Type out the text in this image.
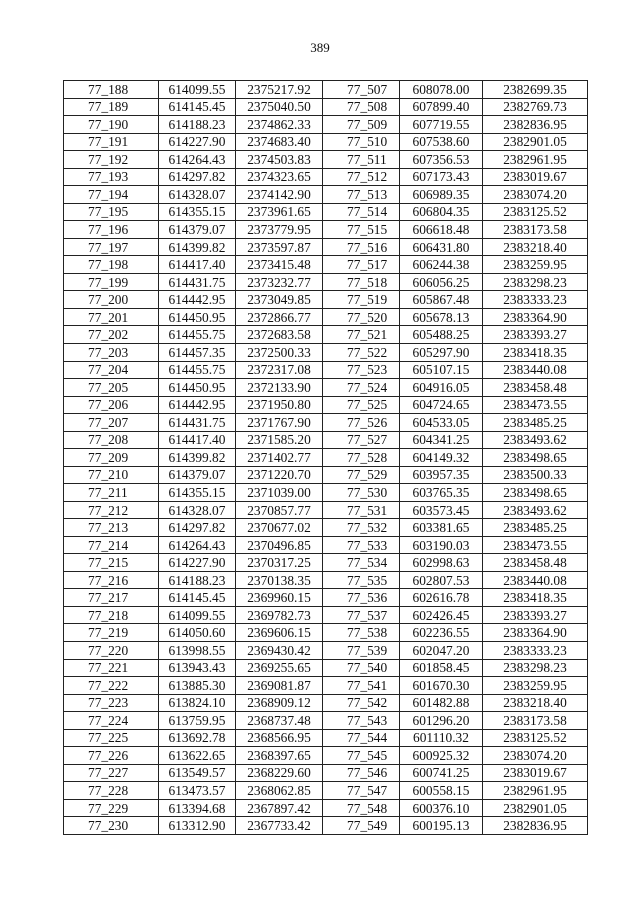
389
77_188	614099.55	2375217.92	77_507	608078.00	2382699.35
77_189	614145.45	2375040.50	77_508	607899.40	2382769.73
77_190	614188.23	2374862.33	77_509	607719.55	2382836.95
77_191	614227.90	2374683.40	77_510	607538.60	2382901.05
77_192	614264.43	2374503.83	77_511	607356.53	2382961.95
77_193	614297.82	2374323.65	77_512	607173.43	2383019.67
77_194	614328.07	2374142.90	77_513	606989.35	2383074.20
77_195	614355.15	2373961.65	77_514	606804.35	2383125.52
77_196	614379.07	2373779.95	77_515	606618.48	2383173.58
77_197	614399.82	2373597.87	77_516	606431.80	2383218.40
77_198	614417.40	2373415.48	77_517	606244.38	2383259.95
77_199	614431.75	2373232.77	77_518	606056.25	2383298.23
77_200	614442.95	2373049.85	77_519	605867.48	2383333.23
77_201	614450.95	2372866.77	77_520	605678.13	2383364.90
77_202	614455.75	2372683.58	77_521	605488.25	2383393.27
77_203	614457.35	2372500.33	77_522	605297.90	2383418.35
77_204	614455.75	2372317.08	77_523	605107.15	2383440.08
77_205	614450.95	2372133.90	77_524	604916.05	2383458.48
77_206	614442.95	2371950.80	77_525	604724.65	2383473.55
77_207	614431.75	2371767.90	77_526	604533.05	2383485.25
77_208	614417.40	2371585.20	77_527	604341.25	2383493.62
77_209	614399.82	2371402.77	77_528	604149.32	2383498.65
77_210	614379.07	2371220.70	77_529	603957.35	2383500.33
77_211	614355.15	2371039.00	77_530	603765.35	2383498.65
77_212	614328.07	2370857.77	77_531	603573.45	2383493.62
77_213	614297.82	2370677.02	77_532	603381.65	2383485.25
77_214	614264.43	2370496.85	77_533	603190.03	2383473.55
77_215	614227.90	2370317.25	77_534	602998.63	2383458.48
77_216	614188.23	2370138.35	77_535	602807.53	2383440.08
77_217	614145.45	2369960.15	77_536	602616.78	2383418.35
77_218	614099.55	2369782.73	77_537	602426.45	2383393.27
77_219	614050.60	2369606.15	77_538	602236.55	2383364.90
77_220	613998.55	2369430.42	77_539	602047.20	2383333.23
77_221	613943.43	2369255.65	77_540	601858.45	2383298.23
77_222	613885.30	2369081.87	77_541	601670.30	2383259.95
77_223	613824.10	2368909.12	77_542	601482.88	2383218.40
77_224	613759.95	2368737.48	77_543	601296.20	2383173.58
77_225	613692.78	2368566.95	77_544	601110.32	2383125.52
77_226	613622.65	2368397.65	77_545	600925.32	2383074.20
77_227	613549.57	2368229.60	77_546	600741.25	2383019.67
77_228	613473.57	2368062.85	77_547	600558.15	2382961.95
77_229	613394.68	2367897.42	77_548	600376.10	2382901.05
77_230	613312.90	2367733.42	77_549	600195.13	2382836.95
